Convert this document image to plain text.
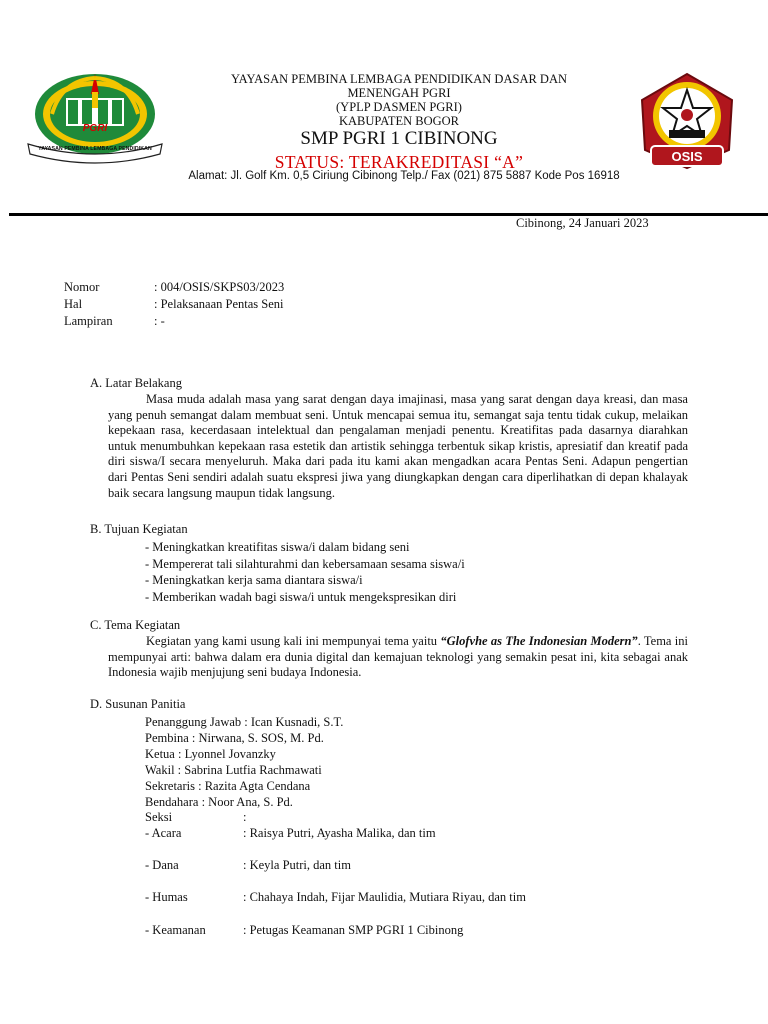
PGRI
YAYASAN PEMBINA LEMBAGA PENDIDIKAN	OSIS
YAYASAN PEMBINA LEMBAGA PENDIDIKAN DASAR DAN
MENENGAH PGRI
(YPLP DASMEN PGRI)
KABUPATEN BOGOR
SMP PGRI 1 CIBINONG
STATUS: TERAKREDITASI “A”
Alamat: Jl. Golf Km. 0,5 Ciriung Cibinong Telp./ Fax (021) 875 5887 Kode Pos 16918
Cibinong, 24 Januari 2023
Nomor	: 004/OSIS/SKPS03/2023
Hal	: Pelaksanaan Pentas Seni
Lampiran	: -
A. Latar Belakang
Masa muda adalah masa yang sarat dengan daya imajinasi, masa yang sarat dengan daya kreasi, dan masa yang penuh semangat dalam membuat seni. Untuk mencapai semua itu, semangat saja tentu tidak cukup, melaikan kepekaan rasa, kecerdasaan intelektual dan pengalaman menjadi penentu. Kreatifitas pada dasarnya diarahkan untuk menumbuhkan kepekaan rasa estetik dan artistik sehingga terbentuk sikap kristis, apresiatif dan kreatif pada diri siswa/I secara menyeluruh. Maka dari pada itu kami akan mengadkan acara Pentas Seni. Adapun pengertian dari Pentas Seni sendiri adalah suatu ekspresi jiwa yang diungkapkan dengan cara diperlihatkan di depan khalayak baik secara langsung maupun tidak langsung.
B. Tujuan Kegiatan
- Meningkatkan kreatifitas siswa/i dalam bidang seni
- Mempererat tali silahturahmi dan kebersamaan sesama siswa/i
- Meningkatkan kerja sama diantara siswa/i
- Memberikan wadah bagi siswa/i untuk mengekspresikan diri
C. Tema Kegiatan
Kegiatan yang kami usung kali ini mempunyai tema yaitu “Glofvhe as The Indonesian Modern”. Tema ini mempunyai arti: bahwa dalam era dunia digital dan kemajuan teknologi yang semakin pesat ini, kita sebagai anak Indonesia wajib menjujung seni budaya Indonesia.
D. Susunan Panitia
Penanggung Jawab : Ican Kusnadi, S.T.
Pembina : Nirwana, S. SOS, M. Pd.
Ketua : Lyonnel Jovanzky
Wakil : Sabrina Lutfia Rachmawati
Sekretaris : Razita Agta Cendana
Bendahara : Noor Ana, S. Pd.
Seksi	:
- Acara	: Raisya Putri, Ayasha Malika, dan tim
- Dana	: Keyla Putri, dan tim
- Humas	: Chahaya Indah, Fijar Maulidia, Mutiara Riyau, dan tim
- Keamanan	: Petugas Keamanan SMP PGRI 1 Cibinong
